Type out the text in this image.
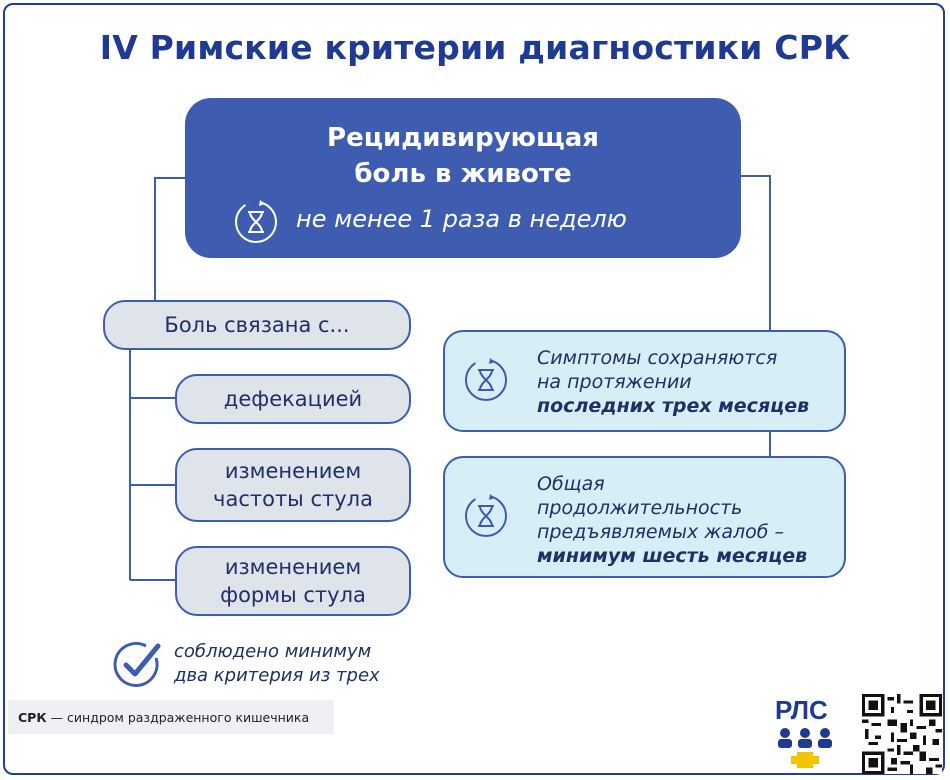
IV Римские критерии диагностики СРК
Рецидивирующая
боль в животе
не менее 1 раза в неделю
Боль связана с...
дефекацией
изменением
частоты стула
изменением
формы стула
Симптомы сохраняются
на протяжении
последних трех месяцев
Общая
продолжительность
предъявляемых жалоб –
минимум шесть месяцев
соблюдено минимум
два критерия из трех
СРК — синдром раздраженного кишечника	РЛС
